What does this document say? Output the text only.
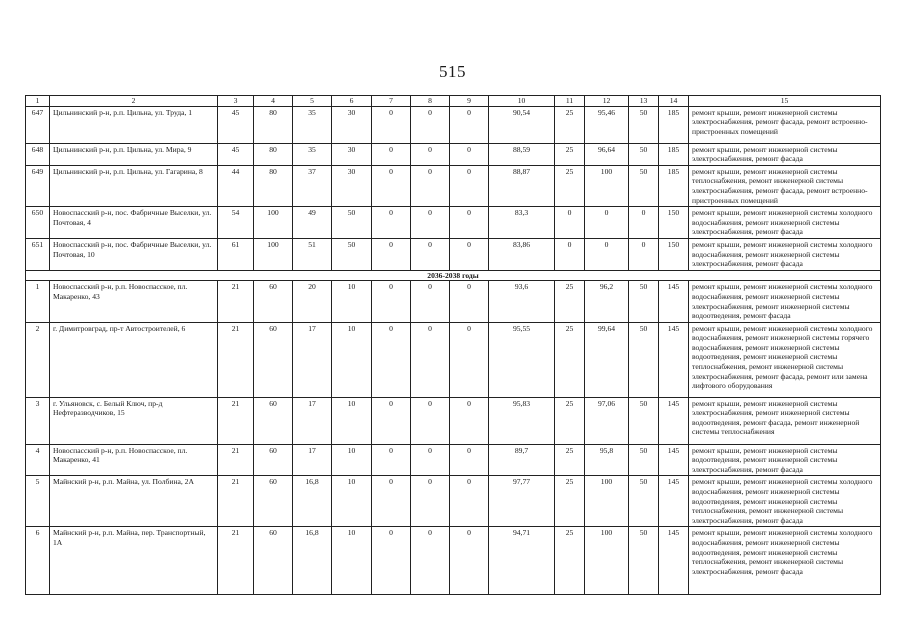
515
1	2	3	4	5	6	7	8	9	10	11	12	13	14	15
647	Цильнинский р-н, р.п. Цильна, ул. Труда, 1	45	80	35	30	0	0	0	90,54	25	95,46	50	185	ремонт крыши, ремонт инженерной системы электроснабжения, ремонт фасада, ремонт встроенно-пристроенных помещений
648	Цильнинский р-н, р.п. Цильна, ул. Мира, 9	45	80	35	30	0	0	0	88,59	25	96,64	50	185	ремонт крыши, ремонт инженерной системы электроснабжения, ремонт фасада
649	Цильнинский р-н, р.п. Цильна, ул. Гагарина, 8	44	80	37	30	0	0	0	88,87	25	100	50	185	ремонт крыши, ремонт инженерной системы теплоснабжения, ремонт инженерной системы электроснабжения, ремонт фасада, ремонт встроенно-пристроенных помещений
650	Новоспасский р-н, пос. Фабричные Выселки, ул. Почтовая, 4	54	100	49	50	0	0	0	83,3	0	0	0	150	ремонт крыши, ремонт инженерной системы холодного водоснабжения, ремонт инженерной системы электроснабжения, ремонт фасада
651	Новоспасский р-н, пос. Фабричные Выселки, ул. Почтовая, 10	61	100	51	50	0	0	0	83,86	0	0	0	150	ремонт крыши, ремонт инженерной системы холодного водоснабжения, ремонт инженерной системы электроснабжения, ремонт фасада
2036-2038 годы														
1	Новоспасский р-н, р.п. Новоспасское, пл. Макаренко, 43	21	60	20	10	0	0	0	93,6	25	96,2	50	145	ремонт крыши, ремонт инженерной системы холодного водоснабжения, ремонт инженерной системы электроснабжения, ремонт инженерной системы водоотведения, ремонт фасада
2	г. Димитровград, пр-т Автостроителей, 6	21	60	17	10	0	0	0	95,55	25	99,64	50	145	ремонт крыши, ремонт инженерной системы холодного водоснабжения, ремонт инженерной системы горячего водоснабжения, ремонт инженерной системы водоотведения, ремонт инженерной системы теплоснабжения, ремонт инженерной системы электроснабжения, ремонт фасада, ремонт или замена лифтового оборудования
3	г. Ульяновск, с. Белый Ключ, пр-д Нефтеразводчиков, 15	21	60	17	10	0	0	0	95,83	25	97,06	50	145	ремонт крыши, ремонт инженерной системы электроснабжения, ремонт инженерной системы водоотведения, ремонт фасада, ремонт инженерной системы теплоснабжения
4	Новоспасский р-н, р.п. Новоспасское, пл. Макаренко, 41	21	60	17	10	0	0	0	89,7	25	95,8	50	145	ремонт крыши, ремонт инженерной системы водоотведения, ремонт инженерной системы электроснабжения, ремонт фасада
5	Майнский р-н, р.п. Майна, ул. Полбина, 2А	21	60	16,8	10	0	0	0	97,77	25	100	50	145	ремонт крыши, ремонт инженерной системы холодного водоснабжения, ремонт инженерной системы водоотведения, ремонт инженерной системы теплоснабжения, ремонт инженерной системы электроснабжения, ремонт фасада
6	Майнский р-н, р.п. Майна, пер. Транспортный, 1А	21	60	16,8	10	0	0	0	94,71	25	100	50	145	ремонт крыши, ремонт инженерной системы холодного водоснабжения, ремонт инженерной системы водоотведения, ремонт инженерной системы теплоснабжения, ремонт инженерной системы электроснабжения, ремонт фасада
